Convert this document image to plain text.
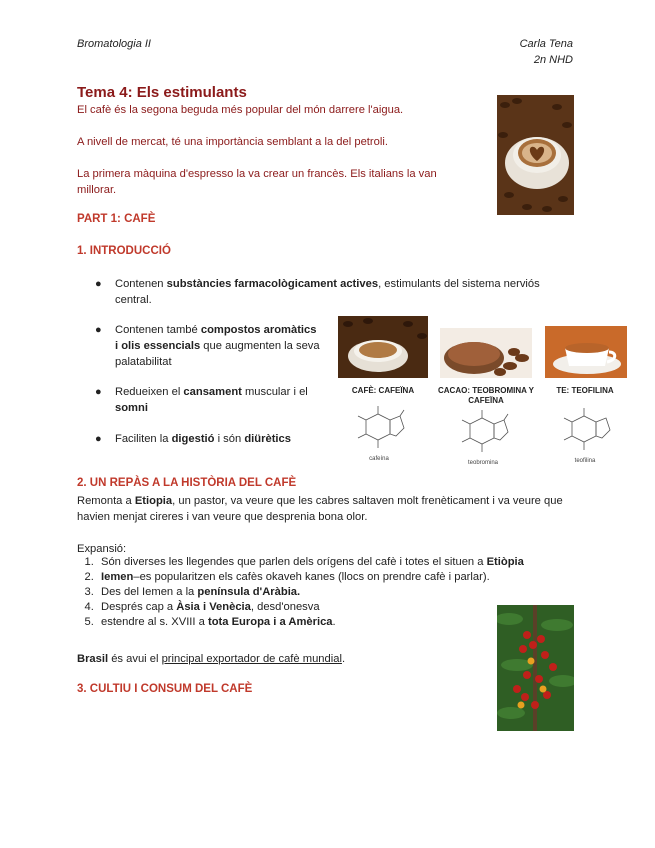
Bromatologia II	Carla Tena
2n NHD
Tema 4: Els estimulants
El cafè és la segona beguda més popular del món darrere l'aigua.
A nivell de mercat, té una importància semblant a la del petroli.
La primera màquina d'espresso la va crear un francès. Els italians la van millorar.
PART 1: CAFÈ
1. INTRODUCCIÓ
● Contenen substàncies farmacològicament actives, estimulants del sistema nerviós central.
● Contenen també compostos aromàtics i olis essencials que augmenten la seva palatabilitat
● Redueixen el cansament muscular i el somni
● Faciliten la digestió i són diürètics
CAFÈ: CAFEÏNA	CACAO: TEOBROMINA Y CAFEÏNA
TE: TEOFILINA
cafeína
teobromina	teofilina
2. UN REPÀS A LA HISTÒRIA DEL CAFÈ
Remonta a Etiopia, un pastor, va veure que les cabres saltaven molt frenèticament i va veure que havien menjat cireres i van veure que desprenia bona olor.
Expansió:
1. Són diverses les llegendes que parlen dels orígens del cafè i totes el situen a Etiòpia
2. Iemen–es popularitzen els cafès okaveh kanes (llocs on prendre cafè i parlar).
3. Des del Iemen a la península d'Aràbia.
4. Després cap a Àsia i Venècia, desd'onesva
5. estendre al s. XVIII a tota Europa i a Amèrica.
Brasil és avui el principal exportador de cafè mundial.
3. CULTIU I CONSUM DEL CAFÈ
